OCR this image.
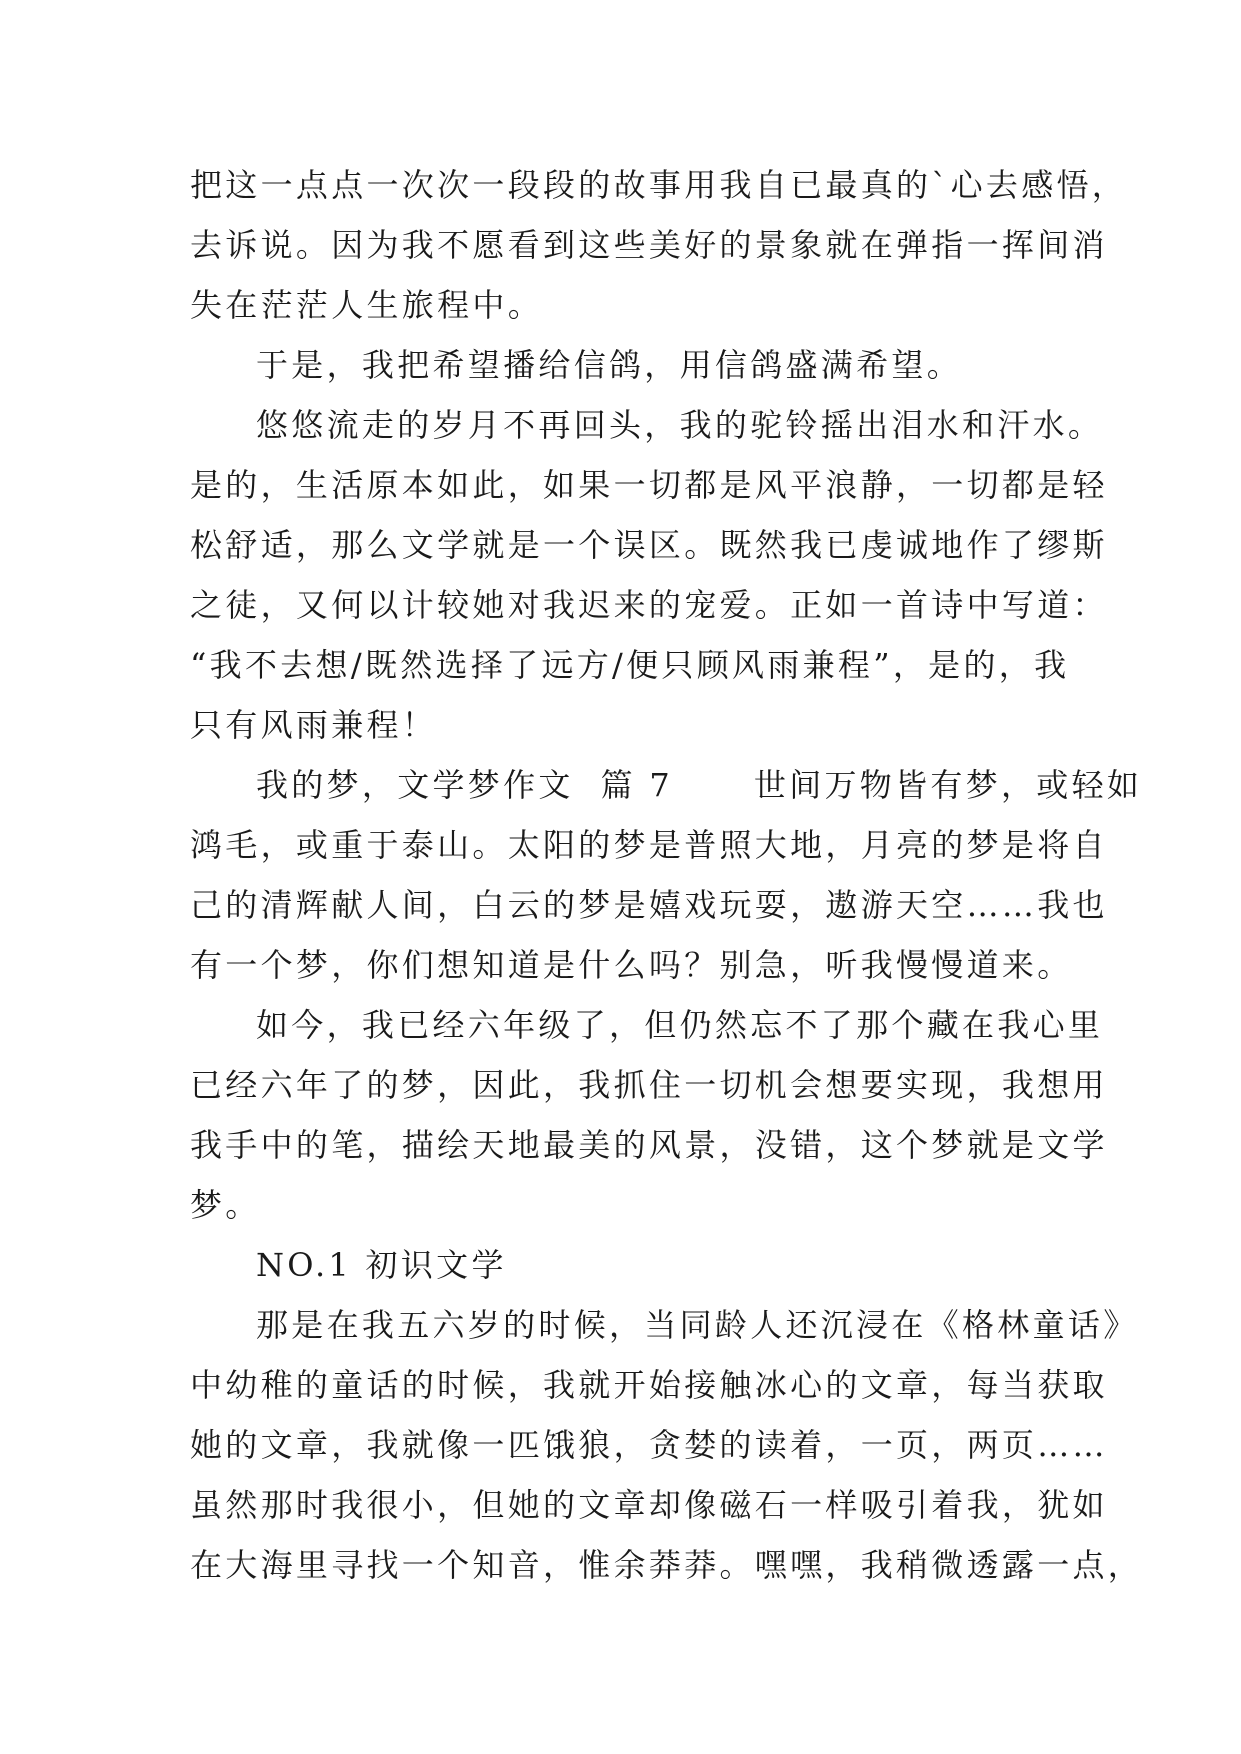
把这一点点一次次一段段的故事用我自已最真的`心去感悟，
去诉说。因为我不愿看到这些美好的景象就在弹指一挥间消
失在茫茫人生旅程中。
于是，我把希望播给信鸽，用信鸽盛满希望。
悠悠流走的岁月不再回头，我的驼铃摇出泪水和汗水。
是的，生活原本如此，如果一切都是风平浪静，一切都是轻
松舒适，那么文学就是一个误区。既然我已虔诚地作了缪斯
之徒，又何以计较她对我迟来的宠爱。正如一首诗中写道：
“我不去想/既然选择了远方/便只顾风雨兼程”，是的，我
只有风雨兼程！
我的梦，文学梦作文  篇 7      世间万物皆有梦，或轻如
鸿毛，或重于泰山。太阳的梦是普照大地，月亮的梦是将自
己的清辉献人间，白云的梦是嬉戏玩耍，遨游天空……我也
有一个梦，你们想知道是什么吗？别急，听我慢慢道来。
如今，我已经六年级了，但仍然忘不了那个藏在我心里
已经六年了的梦，因此，我抓住一切机会想要实现，我想用
我手中的笔，描绘天地最美的风景，没错，这个梦就是文学
梦。
NO.1 初识文学
那是在我五六岁的时候，当同龄人还沉浸在《格林童话》
中幼稚的童话的时候，我就开始接触冰心的文章，每当获取
她的文章，我就像一匹饿狼，贪婪的读着，一页，两页……
虽然那时我很小，但她的文章却像磁石一样吸引着我，犹如
在大海里寻找一个知音，惟余莽莽。嘿嘿，我稍微透露一点，
